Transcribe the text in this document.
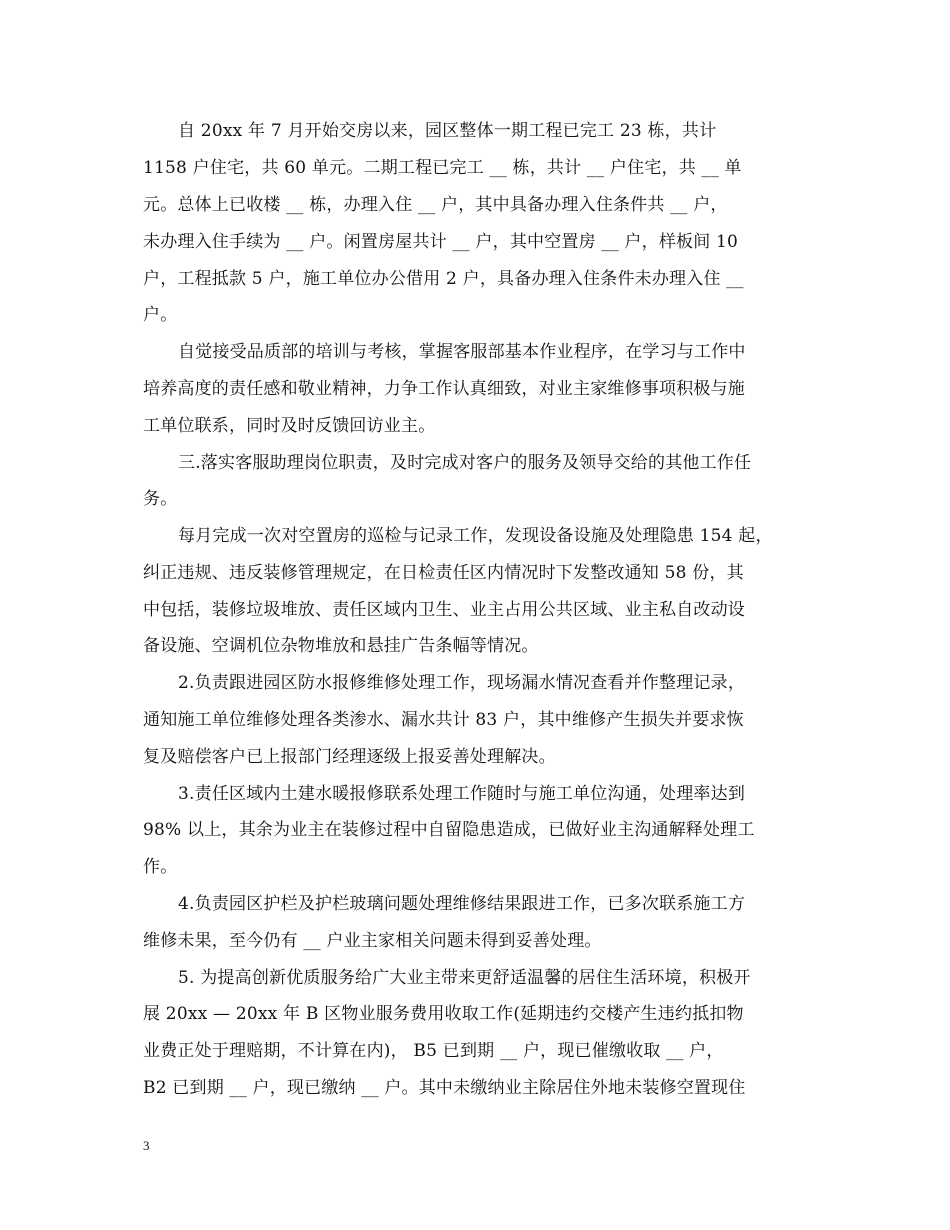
自 20xx 年 7 月开始交房以来，园区整体一期工程已完工 23 栋，共计
1158 户住宅，共 60 单元。二期工程已完工 __ 栋，共计 __ 户住宅，共 __ 单
元。总体上已收楼 __ 栋，办理入住 __ 户，其中具备办理入住条件共 __ 户，
未办理入住手续为 __ 户。闲置房屋共计 __ 户，其中空置房 __ 户，样板间 10
户，工程抵款 5 户，施工单位办公借用 2 户，具备办理入住条件未办理入住 __
户。
自觉接受品质部的培训与考核，掌握客服部基本作业程序，在学习与工作中
培养高度的责任感和敬业精神，力争工作认真细致，对业主家维修事项积极与施
工单位联系，同时及时反馈回访业主。
三.落实客服助理岗位职责，及时完成对客户的服务及领导交给的其他工作任
务。
每月完成一次对空置房的巡检与记录工作，发现设备设施及处理隐患 154 起，
纠正违规、违反装修管理规定，在日检责任区内情况时下发整改通知 58 份，其
中包括，装修垃圾堆放、责任区域内卫生、业主占用公共区域、业主私自改动设
备设施、空调机位杂物堆放和悬挂广告条幅等情况。
2.负责跟进园区防水报修维修处理工作，现场漏水情况查看并作整理记录，
通知施工单位维修处理各类渗水、漏水共计 83 户，其中维修产生损失并要求恢
复及赔偿客户已上报部门经理逐级上报妥善处理解决。
3.责任区域内土建水暖报修联系处理工作随时与施工单位沟通，处理率达到
98% 以上，其余为业主在装修过程中自留隐患造成，已做好业主沟通解释处理工
作。
4.负责园区护栏及护栏玻璃问题处理维修结果跟进工作，已多次联系施工方
维修未果，至今仍有 __ 户业主家相关问题未得到妥善处理。
5. 为提高创新优质服务给广大业主带来更舒适温馨的居住生活环境，积极开
展 20xx — 20xx 年 B 区物业服务费用收取工作(延期违约交楼产生违约抵扣物
业费正处于理赔期，不计算在内)， B5 已到期 __ 户，现已催缴收取 __ 户，
B2 已到期 __ 户，现已缴纳 __ 户。其中未缴纳业主除居住外地未装修空置现住
3
